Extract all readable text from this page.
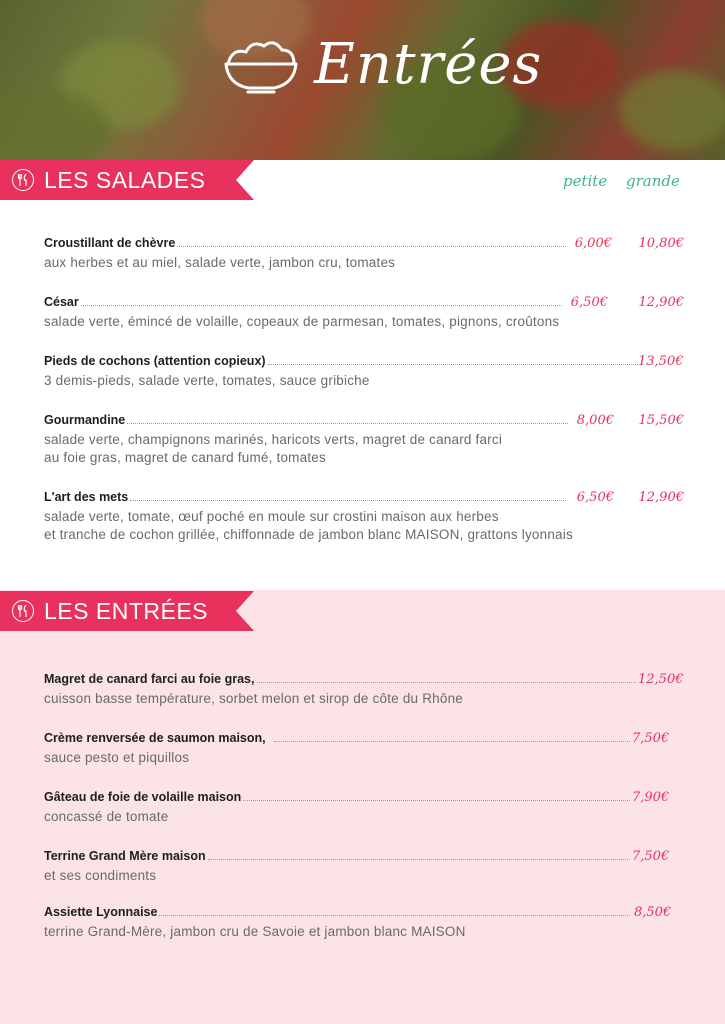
Entrées
LES SALADES	petite grande
Croustillant de chèvre	6,00€	10,80€
aux herbes et au miel, salade verte, jambon cru, tomates
César	6,50€	12,90€
salade verte, émincé de volaille, copeaux de parmesan, tomates, pignons, croûtons
Pieds de cochons (attention copieux)	13,50€
3 demis-pieds, salade verte, tomates, sauce gribiche
Gourmandine	8,00€	15,50€
salade verte, champignons marinés, haricots verts, magret de canard farci
au foie gras, magret de canard fumé, tomates
L'art des mets	6,50€	12,90€
salade verte, tomate, œuf poché en moule sur crostini maison aux herbes
et tranche de cochon grillée, chiffonnade de jambon blanc MAISON, grattons lyonnais
LES ENTRÉES
Magret de canard farci au foie gras,	12,50€
cuisson basse température, sorbet melon et sirop de côte du Rhône
Crème renversée de saumon maison,	7,50€
sauce pesto et piquillos
Gâteau de foie de volaille maison	7,90€
concassé de tomate
Terrine Grand Mère maison	7,50€
et ses condiments
Assiette Lyonnaise	8,50€
terrine Grand-Mère, jambon cru de Savoie et jambon blanc MAISON
